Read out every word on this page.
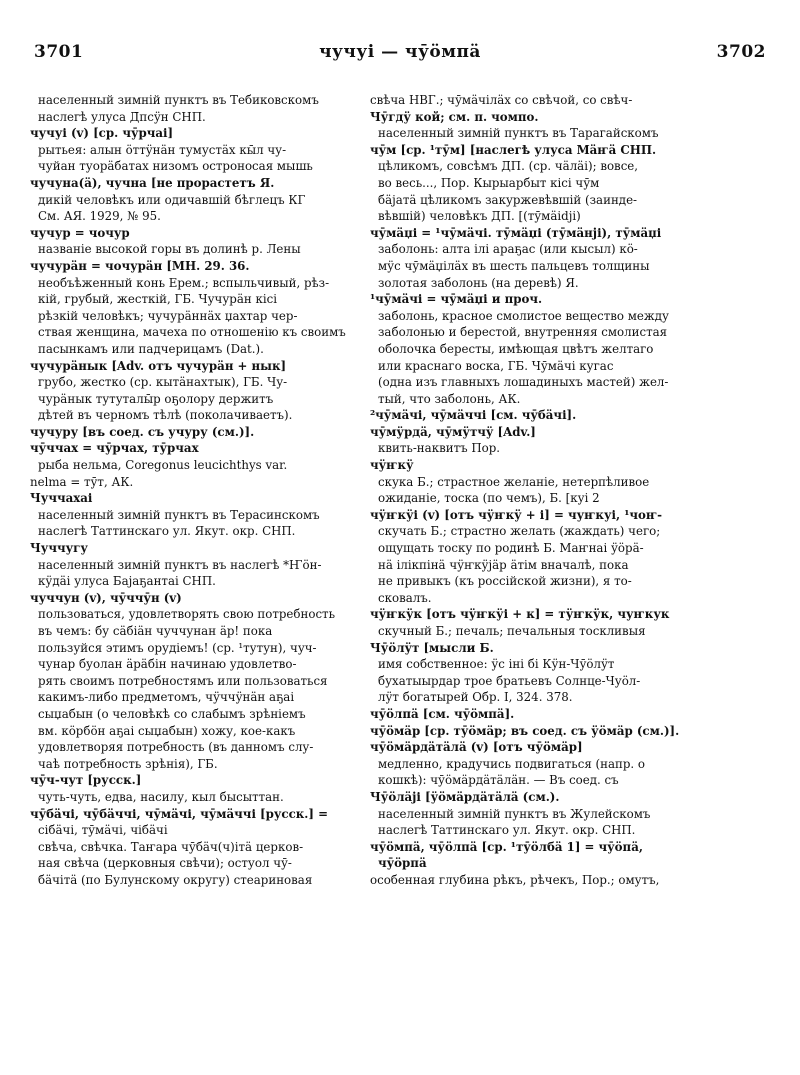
3701	чучуі — чӯӧмпӓ	3702
населенный зимній пунктъ въ Тебиковскомъ
наслегѣ улуса Д̄псӱн СНП.
чучуі (v) [ср. чӯрчаі]
рытьея: алын ӧттӱнӓн тумустӓх кы̄л чу-
чуйан туорӓбатах низомъ остроносая мышь
чучуна(ӓ), чучна [не прорастетъ Я.
дикій человѣкъ или одичавшій бѣглецъ КГ
См. АЯ. 1929, № 95.
чучур = чочур
названіе высокой горы въ долинѣ р. Лены
чучурӓн = чочурӓн [МН. 29. 36.
необъѣженный конь Ерем.; вспыльчивый, рѣз-
кій, грубый, жесткій, ГБ. Чучурӓн кісі
рѣзкій человѣкъ; чучурӓннӓх џахтар чер-
ствая женщина, мачеха по отношенію къ своимъ
пасынкамъ или падчерицамъ (Dat.).
чучурӓнык [Adv. отъ чучурӓн + нык]
грубо, жестко (ср. кытӓнахтык), ГБ. Чу-
чурӓнык тутуталы̄р оҕолору держитъ
дѣтей въ черномъ тѣлѣ (поколачиваетъ).
чучуру [въ соед. съ учуру (см.)].
чӯччах = чӯрчах, тӯрчах
рыба нельма, Coregonus leucichthys var.
nelma = тӯт, АК.
Чуччахаі
населенный зимній пунктъ въ Терасинскомъ
наслегѣ Таттинскаго ул. Якут. окр. СНП.
Чуччугу
населенный зимній пунктъ въ наслегѣ *Ҥӧн-
кӱдӓі улуса Баjаҕантаі СНП.
чуччун (v), чӯччӯн (v)
пользоваться, удовлетворять свою потребность
въ чемъ: бу сӓбіӓн чуччунан ӓр! пока
пользуйся этимъ орудіемъ! (ср. ¹тутун), чуч-
чунар буолан ӓрӓбін начинаю удовлетво-
рять своимъ потребностямъ или пользоваться
какимъ-либо предметомъ, чӱччӱнӓн аҕаі
сыџабын (о человѣкѣ со слабымъ зрѣніемъ
вм. кӧрбӧн аҕаі сыџабын) хожу, кое-какъ
удовлетворяя потребность (въ данномъ слу-
чаѣ потребность зрѣнія), ГБ.
чӯч-чут [русск.]
чуть-чуть, едва, насилу, кыл бысыттан.
чӯбӓчі, чӯбӓччі, чӯмӓчі, чӯмӓччі [русск.] =
сібӓчі, тӯмӓчі, чібӓчі
свѣча, свѣчка. Таҥара чӯбӓч(ч)ітӓ церков-
ная свѣча (церковныя свѣчи); остуол чӯ-
бӓчітӓ (по Булунскому округу) стеариновая
свѣча НВГ.; чӯмӓчілӓх со свѣчой, со свѣч-
Чӯгдӱ кой; см. п. чомпо.
населенный зимній пунктъ въ Тарагайскомъ
чӯм [ср. ¹тӯм] [наслегѣ улуса Мӓҥӓ СНП.
цѣликомъ, совсѣмъ ДП. (ср. чӓлӓі); вовсе,
во весь..., Пор. Кырыарбыт кісі чӯм
бӓjатӓ цѣликомъ закуржевѣвшій (заинде-
вѣвшій) человѣкъ ДП. [(тӯмӓіdjі)
чӯмӓџі = ¹чӯмӓчі. тӯмӓџі (тӯмӓнjі), тӯмӓџі
заболонь: алта ілі араҕас (или кысыл) кӧ-
мӱс чӯмӓџілӓх въ шесть пальцевъ толщины
золотая заболонь (на деревѣ) Я.
¹чӯмӓчі = чӯмӓџі и проч.
заболонь, красное смолистое вещество между
заболонью и берестой, внутренняя смолистая
оболочка бересты, имѣющая цвѣтъ желтаго
или краснаго воска, ГБ. Чӯмӓчі кугас
(одна изъ главныхъ лошадиныхъ мастей) жел-
тый, что заболонь, АК.
²чӯмӓчі, чӯмӓччі [см. чӯбӓчі].
чӯмӱрдӓ, чӯмӱтчӱ [Adv.]
квить-наквитъ Пор.
чӱҥкӱ
скука Б.; страстное желаніе, нетерпѣливое
ожиданіе, тоска (по чемъ), Б. [куі 2
чӱҥкӱі (v) [отъ чӱҥкӱ + і] = чуҥкуі, ¹чоҥ-
скучать Б.; страстно желать (жаждать) чего;
ощущать тоску по родинѣ Б. Маҥнаі ӱӧрӓ-
нӓ ілікпінӓ чӱҥкӱjӓр ӓтім вначалѣ, пока
не привыкъ (къ россійской жизни), я то-
сковалъ.
чӱҥкӱк [отъ чӱҥкӱі + к] = тӱҥкӱк, чуҥкук
скучный Б.; печаль; печальныя тоскливыя
Чӯӧлӱт [мысли Б.
имя собственное: ӱс іні бі Кӱн-Чӯӧлӱт
бухатыырдар трое братьевъ Солнце-Чуӧл-
лӱт богатырей Обр. І, 324. 378.
чӯӧлпӓ [см. чӯӧмпӓ].
чӯӧмӓр [ср. тӯӧмӓр; въ соед. съ ӱӧмӓр (см.)].
чӯӧмӓрдӓтӓлӓ (v) [отъ чӯӧмӓр]
медленно, крадучись подвигаться (напр. о
кошкѣ): чӯӧмӓрдӓтӓлӓн. — Въ соед. съ
Чӯӧлӓjі [ӱӧмӓрдӓтӓлӓ (см.).
населенный зимній пунктъ въ Жулейскомъ
наслегѣ Таттинскаго ул. Якут. окр. СНП.
чӯӧмпӓ, чӯӧлпӓ [ср. ¹тӯӧлбӓ 1] = чӯӧпӓ,
чӯӧрпӓ
особенная глубина рѣкъ, рѣчекъ, Пор.; омутъ,
